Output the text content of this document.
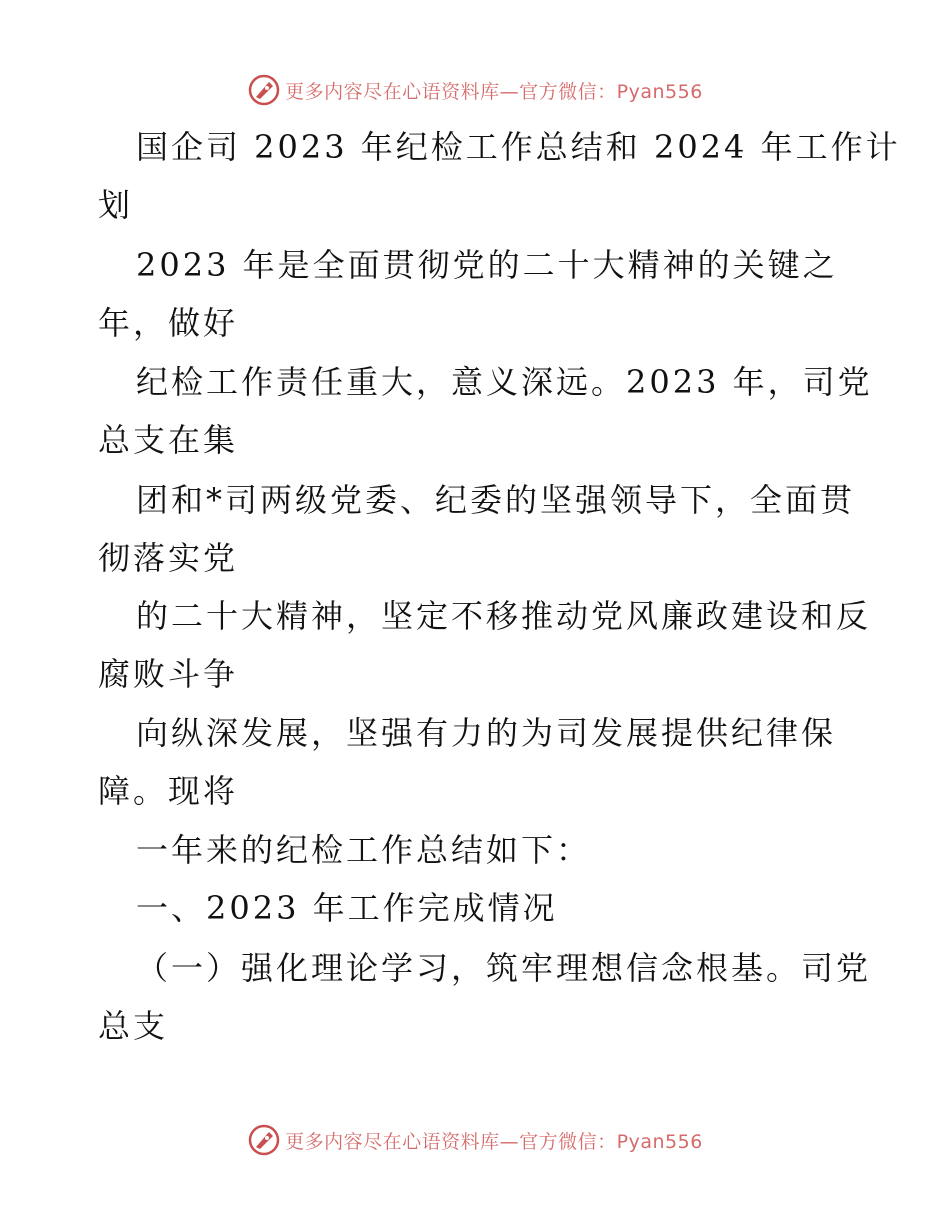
更多内容尽在心语资料库—官方微信：Pyan556
国企司 2023 年纪检工作总结和 2024 年工作计
划
2023 年是全面贯彻党的二十大精神的关键之
年，做好
纪检工作责任重大，意义深远。2023 年，司党
总支在集
团和*司两级党委、纪委的坚强领导下，全面贯
彻落实党
的二十大精神，坚定不移推动党风廉政建设和反
腐败斗争
向纵深发展，坚强有力的为司发展提供纪律保
障。现将
一年来的纪检工作总结如下：
一、2023 年工作完成情况
（一）强化理论学习，筑牢理想信念根基。司党
总支
更多内容尽在心语资料库—官方微信：Pyan556
